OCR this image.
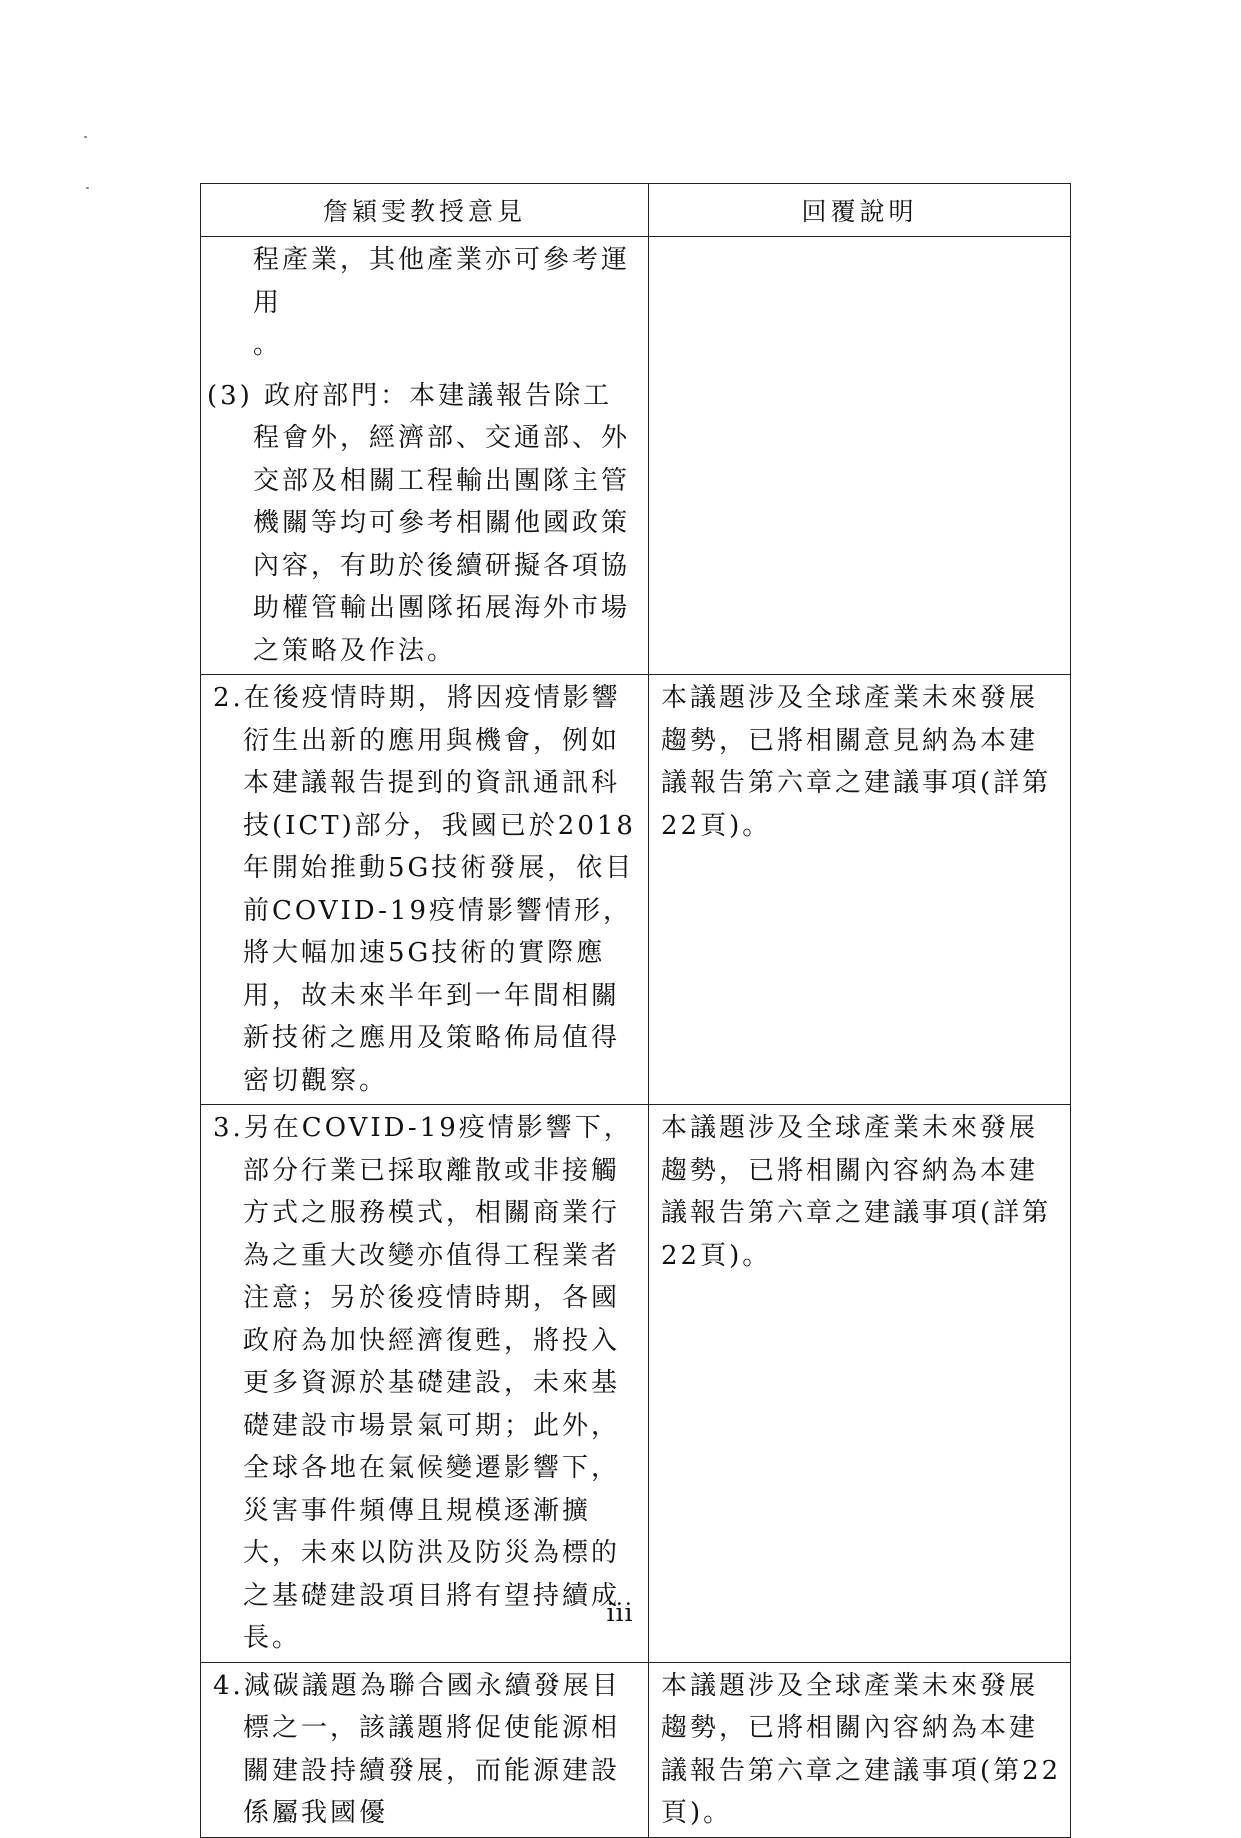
詹穎雯教授意見	回覆說明

程產業，其他產業亦可參考運用

。

(3) 政府部門：本建議報告除工程會外，經濟部、交通部、外交部及相關工程輸出團隊主管機關等均可參考相關他國政策內容，有助於後續研擬各項協助權管輸出團隊拓展海外市場之策略及作法。	

2.在後疫情時期，將因疫情影響衍生出新的應用與機會，例如本建議報告提到的資訊通訊科技(ICT)部分，我國已於2018年開始推動5G技術發展，依目前COVID-19疫情影響情形，將大幅加速5G技術的實際應用，故未來半年到一年間相關新技術之應用及策略佈局值得密切觀察。	本議題涉及全球產業未來發展趨勢，已將相關意見納為本建議報告第六章之建議事項(詳第22頁)。

3.另在COVID-19疫情影響下，部分行業已採取離散或非接觸方式之服務模式，相關商業行為之重大改變亦值得工程業者注意；另於後疫情時期，各國政府為加快經濟復甦，將投入更多資源於基礎建設，未來基礎建設市場景氣可期；此外，全球各地在氣候變遷影響下，災害事件頻傳且規模逐漸擴大，未來以防洪及防災為標的之基礎建設項目將有望持續成長。	本議題涉及全球產業未來發展趨勢，已將相關內容納為本建議報告第六章之建議事項(詳第22頁)。

4.減碳議題為聯合國永續發展目標之一，該議題將促使能源相關建設持續發展，而能源建設係屬我國優	本議題涉及全球產業未來發展趨勢，已將相關內容納為本建議報告第六章之建議事項(第22頁)。
iii
